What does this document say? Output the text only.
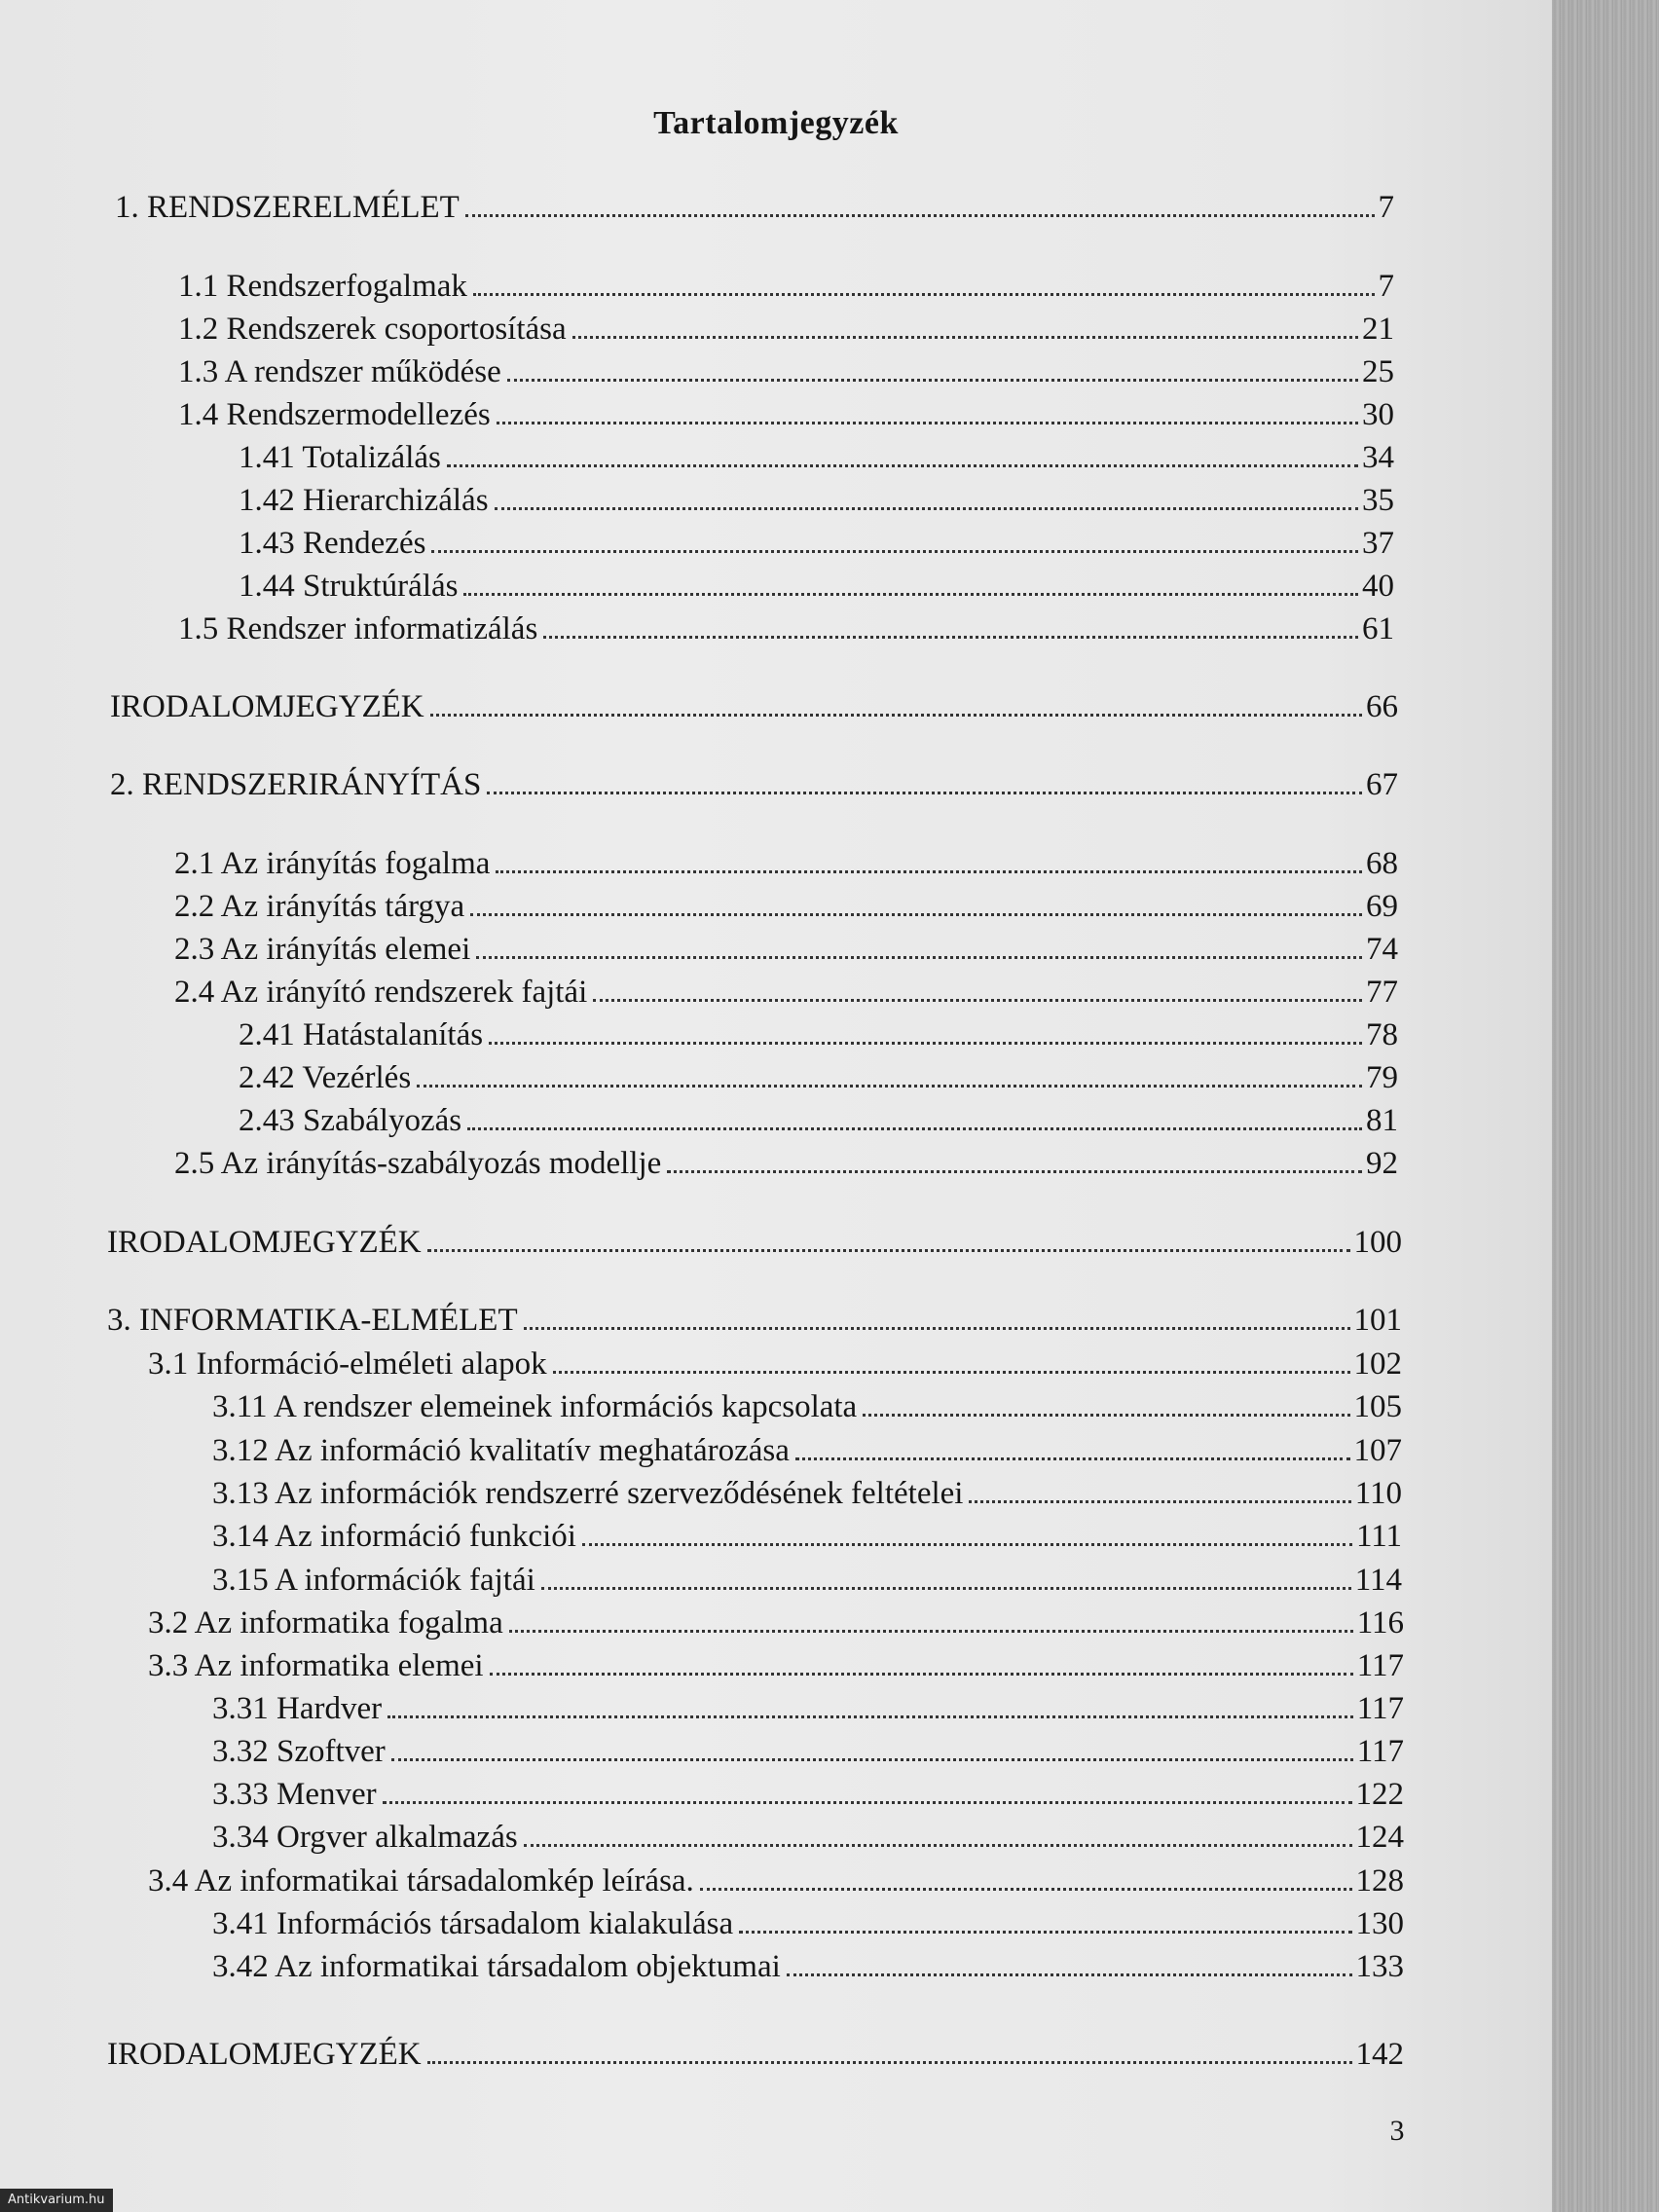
Tartalomjegyzék
1. RENDSZERELMÉLET	7
1.1 Rendszerfogalmak	7
1.2 Rendszerek csoportosítása	21
1.3 A rendszer működése	25
1.4 Rendszermodellezés	30
1.41 Totalizálás	34
1.42 Hierarchizálás	35
1.43 Rendezés	37
1.44 Struktúrálás	40
1.5 Rendszer informatizálás	61
IRODALOMJEGYZÉK	66
2. RENDSZERIRÁNYÍTÁS	67
2.1 Az irányítás fogalma	68
2.2 Az irányítás tárgya	69
2.3 Az irányítás elemei	74
2.4 Az irányító rendszerek fajtái	77
2.41 Hatástalanítás	78
2.42 Vezérlés	79
2.43 Szabályozás	81
2.5 Az irányítás-szabályozás modellje	92
IRODALOMJEGYZÉK	100
3. INFORMATIKA-ELMÉLET	101
3.1 Információ-elméleti alapok	102
3.11 A rendszer elemeinek információs kapcsolata	105
3.12 Az információ kvalitatív meghatározása	107
3.13 Az információk rendszerré szerveződésének feltételei	110
3.14 Az információ funkciói	111
3.15 A információk fajtái	114
3.2 Az informatika fogalma	116
3.3 Az informatika elemei	117
3.31 Hardver	117
3.32 Szoftver	117
3.33 Menver	122
3.34 Orgver alkalmazás	124
3.4 Az informatikai társadalomkép leírása.	128
3.41 Információs társadalom kialakulása	130
3.42 Az informatikai társadalom objektumai	133
IRODALOMJEGYZÉK	142
3
Antikvarium.hu
